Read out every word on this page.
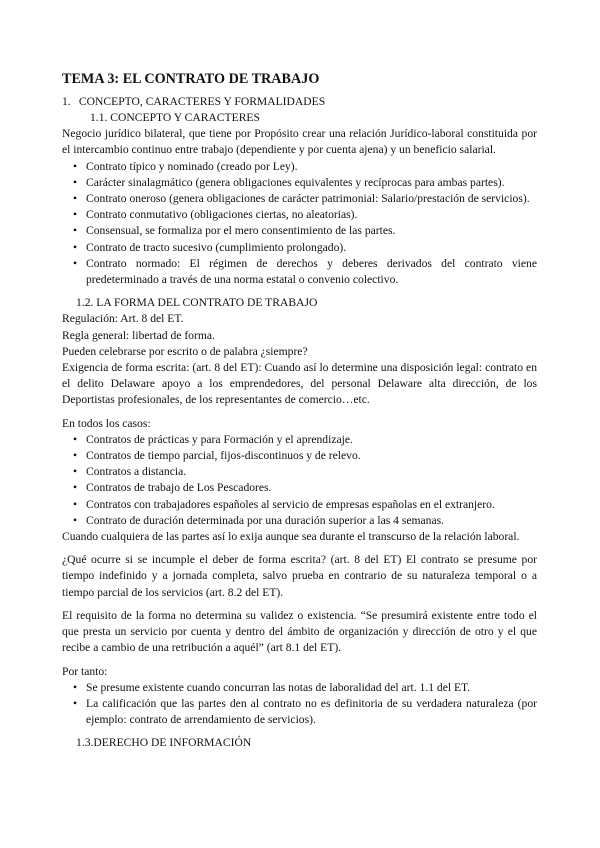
TEMA 3: EL CONTRATO DE TRABAJO

1. CONCEPTO, CARACTERES Y FORMALIDADES

1.1. CONCEPTO Y CARACTERES

Negocio jurídico bilateral, que tiene por Propósito crear una relación Jurídico-laboral constituida por el intercambio continuo entre trabajo (dependiente y por cuenta ajena) y un beneficio salarial.

• Contrato típico y nominado (creado por Ley).
• Carácter sinalagmático (genera obligaciones equivalentes y recíprocas para ambas partes).
• Contrato oneroso (genera obligaciones de carácter patrimonial: Salario/prestación de servicios).
• Contrato conmutativo (obligaciones ciertas, no aleatorias).
• Consensual, se formaliza por el mero consentimiento de las partes.
• Contrato de tracto sucesivo (cumplimiento prolongado).
• Contrato normado: El régimen de derechos y deberes derivados del contrato viene predeterminado a través de una norma estatal o convenio colectivo.
1.2. LA FORMA DEL CONTRATO DE TRABAJO

Regulación: Art. 8 del ET.

Regla general: libertad de forma.

Pueden celebrarse por escrito o de palabra ¿siempre?

Exigencia de forma escrita: (art. 8 del ET): Cuando así lo determine una disposición legal: contrato en el delito Delaware apoyo a los emprendedores, del personal Delaware alta dirección, de los Deportistas profesionales, de los representantes de comercio…etc.

En todos los casos:

• Contratos de prácticas y para Formación y el aprendizaje.
• Contratos de tiempo parcial, fijos-discontinuos y de relevo.
• Contratos a distancia.
• Contratos de trabajo de Los Pescadores.
• Contratos con trabajadores españoles al servicio de empresas españolas en el extranjero.
• Contrato de duración determinada por una duración superior a las 4 semanas.

Cuando cualquiera de las partes así lo exija aunque sea durante el transcurso de la relación laboral.

¿Qué ocurre si se incumple el deber de forma escrita? (art. 8 del ET) El contrato se presume por tiempo indefinido y a jornada completa, salvo prueba en contrario de su naturaleza temporal o a tiempo parcial de los servicios (art. 8.2 del ET).

El requisito de la forma no determina su validez o existencia. “Se presumirá existente entre todo el que presta un servicio por cuenta y dentro del ámbito de organización y dirección de otro y el que recibe a cambio de una retribución a aquél” (art 8.1 del ET).

Por tanto:

• Se presume existente cuando concurran las notas de laboralidad del art. 1.1 del ET.
• La calificación que las partes den al contrato no es definitoria de su verdadera naturaleza (por ejemplo: contrato de arrendamiento de servicios).
1.3.DERECHO DE INFORMACIÓN
